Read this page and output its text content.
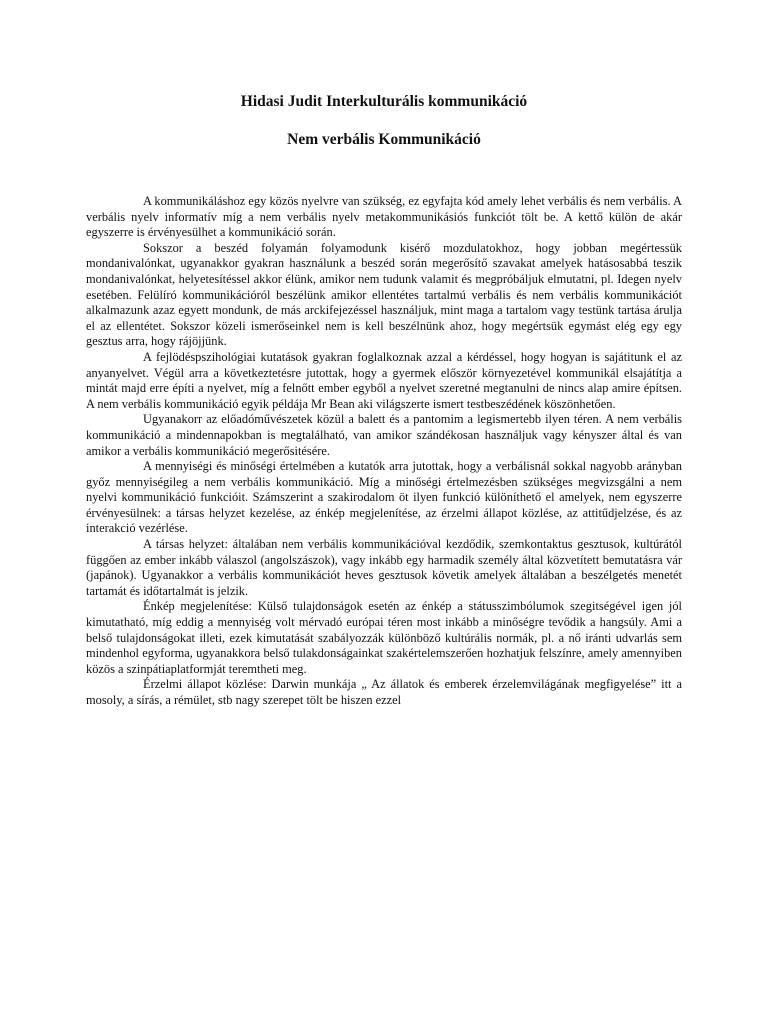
Hidasi Judit Interkulturális kommunikáció
Nem verbális Kommunikáció

A kommunikáláshoz egy közös nyelvre van szükség, ez egyfajta kód amely lehet verbális és nem verbális. A verbális nyelv informatív míg a nem verbális nyelv metakommunikásiós funkciót tölt be. A kettő külön de akár egyszerre is érvényesülhet a kommunikáció során.

Sokszor a beszéd folyamán folyamodunk kisérő mozdulatokhoz, hogy jobban megértessük mondanivalónkat, ugyanakkor gyakran használunk a beszéd során megerősítő szavakat amelyek hatásosabbá teszik mondanivalónkat, helyetesítéssel akkor élünk, amikor nem tudunk valamit és megpróbáljuk elmutatni, pl. Idegen nyelv esetében. Felülíró kommunikációról beszélünk amikor ellentétes tartalmú verbális és nem verbális kommunikációt alkalmazunk azaz egyett mondunk, de más arckifejezéssel használjuk, mint maga a tartalom vagy testünk tartása árulja el az ellentétet. Sokszor közeli ismerőseinkel nem is kell beszélnünk ahoz, hogy megértsük egymást elég egy egy gesztus arra, hogy rájöjjünk.

A fejlödéspszihológiai kutatások gyakran foglalkoznak azzal a kérdéssel, hogy hogyan is sajátitunk el az anyanyelvet. Végül arra a következtetésre jutottak, hogy a gyermek először környezetével kommunikál elsajátítja a mintát majd erre építi a nyelvet, míg a felnőtt ember egyből a nyelvet szeretné megtanulni de nincs alap amire építsen. A nem verbális kommunikáció egyik példája Mr Bean aki világszerte ismert testbeszédének köszönhetően.

Ugyanakorr az előadóművészetek közül a balett és a pantomim a legismertebb ilyen téren. A nem verbális kommunikáció a mindennapokban is megtalálható, van amikor szándékosan használjuk vagy kényszer által és van amikor a verbális kommunikáció megerősitésére.

A mennyiségi és minőségi értelmében a kutatók arra jutottak, hogy a verbálisnál sokkal nagyobb arányban győz mennyiségileg a nem verbális kommunikáció. Míg a minőségi értelmezésben szükséges megvizsgálni a nem nyelvi kommunikáció funkcióit. Számszerint a szakirodalom öt ilyen funkció különíthető el amelyek, nem egyszerre érvényesülnek: a társas helyzet kezelése, az énkép megjelenítése, az érzelmi állapot közlése, az attitűdjelzése, és az interakció vezérlése.

A társas helyzet: általában nem verbális kommunikációval kezdődik, szemkontaktus gesztusok, kultúrától függően az ember inkább válaszol (angolszászok), vagy inkább egy harmadik személy által közvetített bemutatásra vár (japánok). Ugyanakkor a verbális kommunikációt heves gesztusok követik amelyek általában a beszélgetés menetét tartamát és időtartalmát is jelzik.

Énkép megjelenítése: Külső tulajdonságok esetén az énkép a státusszimbólumok szegitségével igen jól kimutatható, míg eddig a mennyiség volt mérvadó európai téren most inkább a minőségre tevődik a hangsúly. Ami a belső tulajdonságokat illeti, ezek kimutatását szabályozzák különböző kultúrális normák, pl. a nő iránti udvarlás sem mindenhol egyforma, ugyanakkora belső tulakdonságainkat szakértelemszerően hozhatjuk felszínre, amely amennyiben közös a szinpátiaplatformját teremtheti meg.

Érzelmi állapot közlése: Darwin munkája „ Az állatok és emberek érzelemvilágának megfigyelése” itt a mosoly, a sírás, a rémület, stb nagy szerepet tölt be hiszen ezzel
